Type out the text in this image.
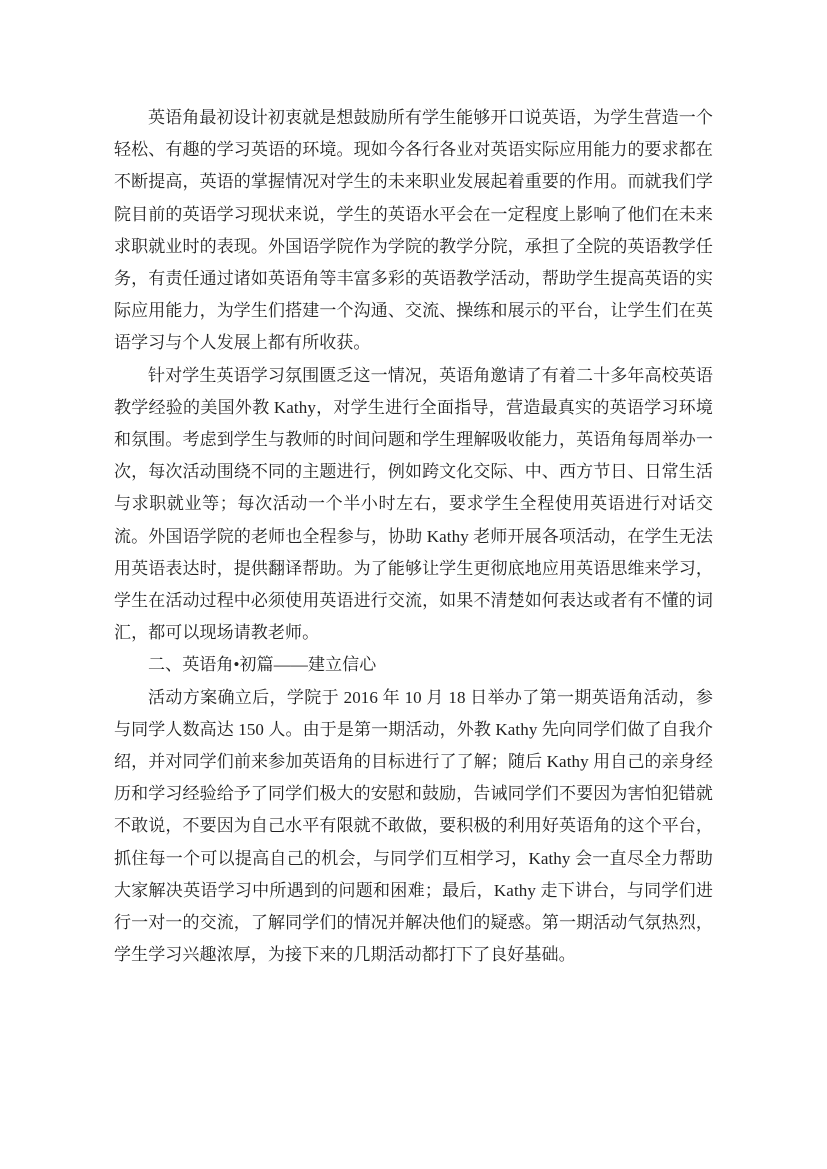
英语角最初设计初衷就是想鼓励所有学生能够开口说英语，为学生营造一个轻松、有趣的学习英语的环境。现如今各行各业对英语实际应用能力的要求都在不断提高，英语的掌握情况对学生的未来职业发展起着重要的作用。而就我们学院目前的英语学习现状来说，学生的英语水平会在一定程度上影响了他们在未来求职就业时的表现。外国语学院作为学院的教学分院，承担了全院的英语教学任务，有责任通过诸如英语角等丰富多彩的英语教学活动，帮助学生提高英语的实际应用能力，为学生们搭建一个沟通、交流、操练和展示的平台，让学生们在英语学习与个人发展上都有所收获。

针对学生英语学习氛围匮乏这一情况，英语角邀请了有着二十多年高校英语教学经验的美国外教 Kathy，对学生进行全面指导，营造最真实的英语学习环境和氛围。考虑到学生与教师的时间问题和学生理解吸收能力，英语角每周举办一次，每次活动围绕不同的主题进行，例如跨文化交际、中、西方节日、日常生活与求职就业等；每次活动一个半小时左右，要求学生全程使用英语进行对话交流。外国语学院的老师也全程参与，协助 Kathy 老师开展各项活动，在学生无法用英语表达时，提供翻译帮助。为了能够让学生更彻底地应用英语思维来学习，学生在活动过程中必须使用英语进行交流，如果不清楚如何表达或者有不懂的词汇，都可以现场请教老师。

二、英语角•初篇——建立信心

活动方案确立后，学院于 2016 年 10 月 18 日举办了第一期英语角活动，参与同学人数高达 150 人。由于是第一期活动，外教 Kathy 先向同学们做了自我介绍，并对同学们前来参加英语角的目标进行了了解；随后 Kathy 用自己的亲身经历和学习经验给予了同学们极大的安慰和鼓励，告诫同学们不要因为害怕犯错就不敢说，不要因为自己水平有限就不敢做，要积极的利用好英语角的这个平台，抓住每一个可以提高自己的机会，与同学们互相学习，Kathy 会一直尽全力帮助大家解决英语学习中所遇到的问题和困难；最后，Kathy 走下讲台，与同学们进行一对一的交流，了解同学们的情况并解决他们的疑惑。第一期活动气氛热烈，学生学习兴趣浓厚，为接下来的几期活动都打下了良好基础。
